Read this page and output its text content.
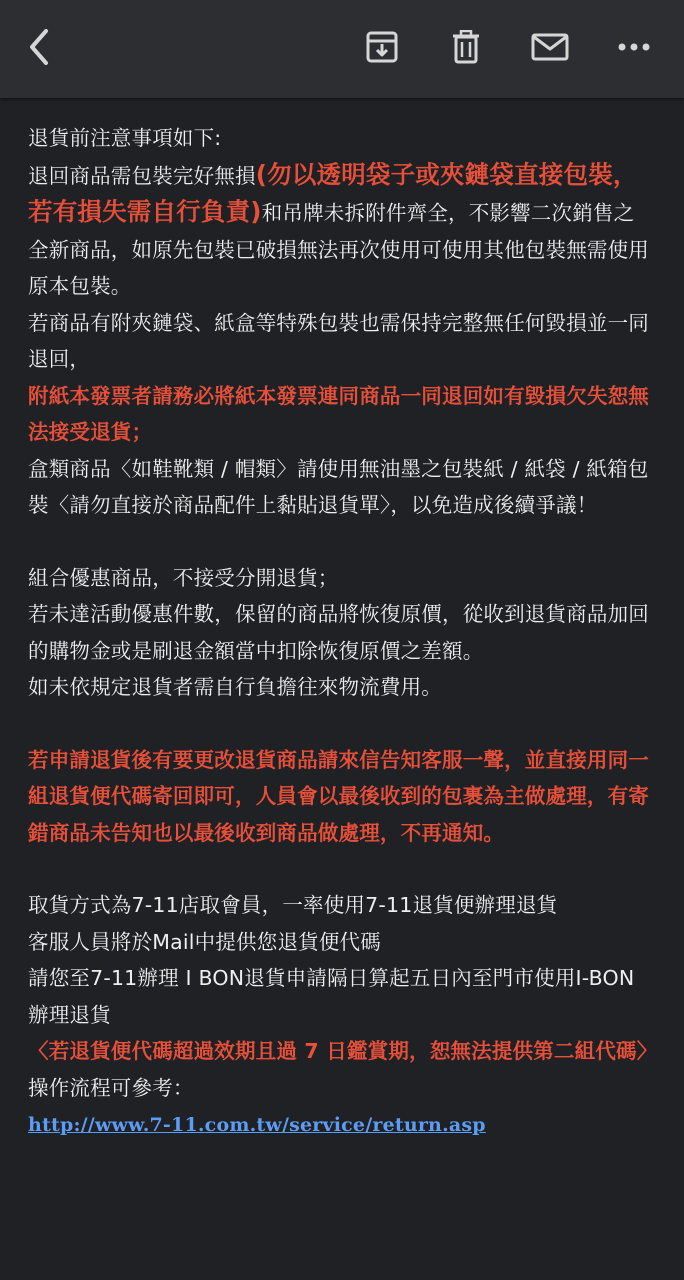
退貨前注意事項如下:

退回商品需包裝完好無損(勿以透明袋子或夾鏈袋直接包裝，若有損失需自行負責)和吊牌未拆附件齊全，不影響二次銷售之全新商品，如原先包裝已破損無法再次使用可使用其他包裝無需使用原本包裝。

若商品有附夾鏈袋、紙盒等特殊包裝也需保持完整無任何毀損並一同退回，

附紙本發票者請務必將紙本發票連同商品一同退回如有毀損欠失恕無法接受退貨；

盒類商品〈如鞋靴類 / 帽類〉請使用無油墨之包裝紙 / 紙袋 / 紙箱包裝〈請勿直接於商品配件上黏貼退貨單〉，以免造成後續爭議！

組合優惠商品，不接受分開退貨；

若未達活動優惠件數，保留的商品將恢復原價，從收到退貨商品加回的購物金或是刷退金額當中扣除恢復原價之差額。

如未依規定退貨者需自行負擔往來物流費用。

若申請退貨後有要更改退貨商品請來信告知客服一聲，並直接用同一組退貨便代碼寄回即可，人員會以最後收到的包裹為主做處理，有寄錯商品未告知也以最後收到商品做處理，不再通知。

取貨方式為7-11店取會員，一率使用7-11退貨便辦理退貨

客服人員將於Mail中提供您退貨便代碼

請您至7-11辦理 I BON退貨申請隔日算起五日內至門市使用I-BON辦理退貨

〈若退貨便代碼超過效期且過 7 日鑑賞期，恕無法提供第二組代碼〉

操作流程可參考：

http://www.7-11.com.tw/service/return.asp
